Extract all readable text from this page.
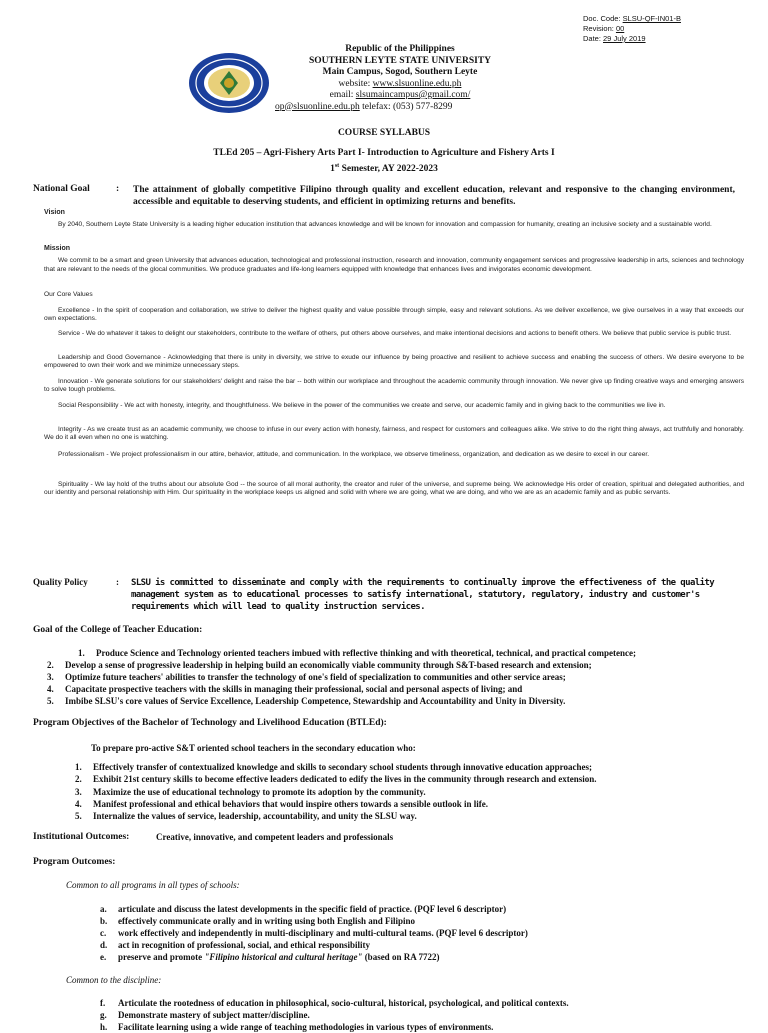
Doc. Code: SLSU-QF-IN01-B
Revision: 00
Date: 29 July 2019
Republic of the Philippines
SOUTHERN LEYTE STATE UNIVERSITY
Main Campus, Sogod, Southern Leyte
website: www.slsuonline.edu.ph
email: slsumaincampus@gmail.com/
op@slsuonline.edu.ph telefax: (053) 577-8299
COURSE SYLLABUS
TLEd 205 – Agri-Fishery Arts Part I- Introduction to Agriculture and Fishery Arts I
1st Semester, AY 2022-2023
National Goal	: The attainment of globally competitive Filipino through quality and excellent education, relevant and responsive to the changing environment, accessible and equitable to deserving students, and efficient in optimizing returns and benefits.
Vision

By 2040, Southern Leyte State University is a leading higher education institution that advances knowledge and will be known for innovation and compassion for humanity, creating an inclusive society and a sustainable world.

Mission

We commit to be a smart and green University that advances education, technological and professional instruction, research and innovation, community engagement services and progressive leadership in arts, sciences and technology that are relevant to the needs of the glocal communities. We produce graduates and life-long learners equipped with knowledge that enhances lives and invigorates economic development.

Our Core Values

Excellence - In the spirit of cooperation and collaboration, we strive to deliver the highest quality and value possible through simple, easy and relevant solutions. As we deliver excellence, we give ourselves in a way that exceeds our own expectations.

Service - We do whatever it takes to delight our stakeholders, contribute to the welfare of others, put others above ourselves, and make intentional decisions and actions to benefit others. We believe that public service is public trust.

Leadership and Good Governance - Acknowledging that there is unity in diversity, we strive to exude our influence by being proactive and resilient to achieve success and enabling the success of others. We desire everyone to be empowered to own their work and we minimize unnecessary steps.

Innovation - We generate solutions for our stakeholders' delight and raise the bar -- both within our workplace and throughout the academic community through innovation. We never give up finding creative ways and emerging answers to solve tough problems.

Social Responsibility - We act with honesty, integrity, and thoughtfulness. We believe in the power of the communities we create and serve, our academic family and in giving back to the communities we live in.

Integrity - As we create trust as an academic community, we choose to infuse in our every action with honesty, fairness, and respect for customers and colleagues alike. We strive to do the right thing always, act truthfully and honorably. We do it all even when no one is watching.

Professionalism - We project professionalism in our attire, behavior, attitude, and communication. In the workplace, we observe timeliness, organization, and dedication as we desire to excel in our career.

Spirituality - We lay hold of the truths about our absolute God -- the source of all moral authority, the creator and ruler of the universe, and supreme being. We acknowledge His order of creation, spiritual and delegated authorities, and our identity and personal relationship with Him. Our spirituality in the workplace keeps us aligned and solid with where we are going, what we are doing, and who we are as an academic family and as public servants.

Quality Policy	: SLSU is committed to disseminate and comply with the requirements to continually improve the effectiveness of the quality management system as to educational processes to satisfy international, statutory, regulatory, industry and customer's requirements which will lead to quality instruction services.
Goal of the College of Teacher Education:
1. Produce Science and Technology oriented teachers imbued with reflective thinking and with theoretical, technical, and practical competence;
2. Develop a sense of progressive leadership in helping build an economically viable community through S&T-based research and extension;
3. Optimize future teachers' abilities to transfer the technology of one's field of specialization to communities and other service areas;
4. Capacitate prospective teachers with the skills in managing their professional, social and personal aspects of living; and
5. Imbibe SLSU's core values of Service Excellence, Leadership Competence, Stewardship and Accountability and Unity in Diversity.
Program Objectives of the Bachelor of Technology and Livelihood Education (BTLEd):
To prepare pro-active S&T oriented school teachers in the secondary education who:
1. Effectively transfer of contextualized knowledge and skills to secondary school students through innovative education approaches;
2. Exhibit 21st century skills to become effective leaders dedicated to edify the lives in the community through research and extension.
3. Maximize the use of educational technology to promote its adoption by the community.
4. Manifest professional and ethical behaviors that would inspire others towards a sensible outlook in life.
5. Internalize the values of service, leadership, accountability, and unity the SLSU way.
Institutional Outcomes:	Creative, innovative, and competent leaders and professionals
Program Outcomes:
Common to all programs in all types of schools:
a. articulate and discuss the latest developments in the specific field of practice. (PQF level 6 descriptor)
b. effectively communicate orally and in writing using both English and Filipino
c. work effectively and independently in multi-disciplinary and multi-cultural teams. (PQF level 6 descriptor)
d. act in recognition of professional, social, and ethical responsibility
e. preserve and promote "Filipino historical and cultural heritage" (based on RA 7722)
Common to the discipline:
f. Articulate the rootedness of education in philosophical, socio-cultural, historical, psychological, and political contexts.
g. Demonstrate mastery of subject matter/discipline.
h. Facilitate learning using a wide range of teaching methodologies in various types of environments.
